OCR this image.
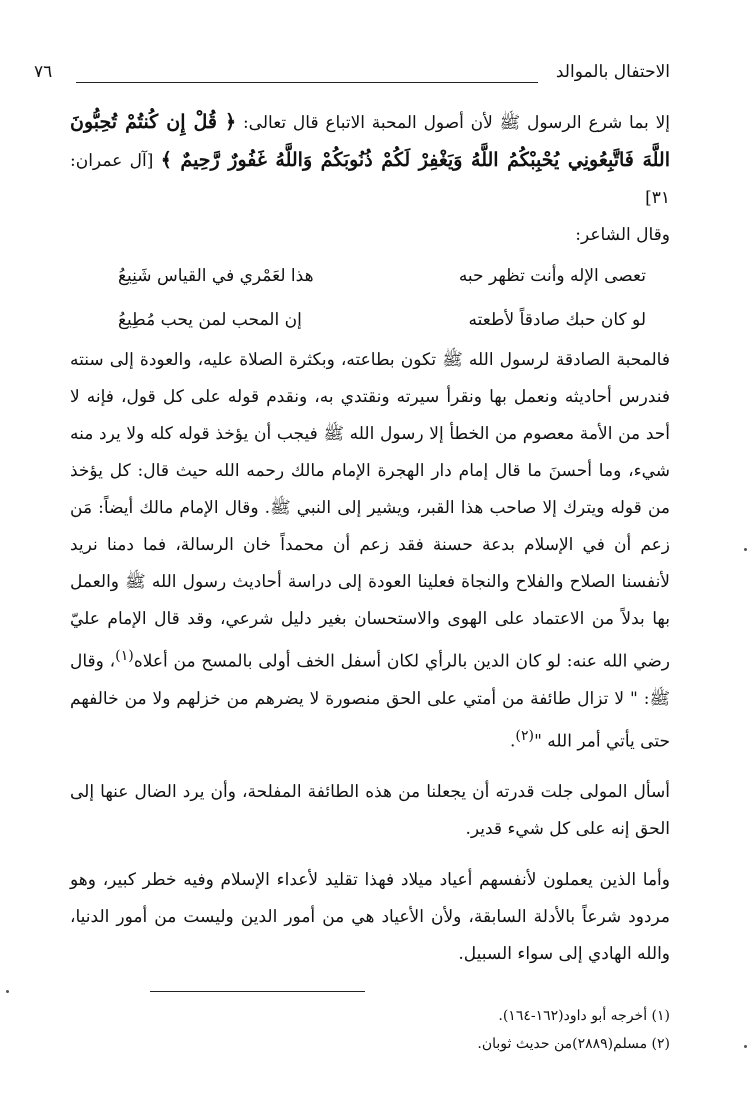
الاحتفال بالموالد
٧٦

إلا بما شرع الرسول ﷺ لأن أصول المحبة الاتباع قال تعالى: ﴿ قُلْ إِن كُنتُمْ تُحِبُّونَ اللَّهَ فَاتَّبِعُونِي يُحْبِبْكُمُ اللَّهُ وَيَغْفِرْ لَكُمْ ذُنُوبَكُمْ وَاللَّهُ غَفُورٌ رَّحِيمٌ ﴾ [آل عمران: ٣١]

وقال الشاعر:

تعصى الإله وأنت تظهر حبه
هذا لعَمْري في القياس شَنِيعُ
لو كان حبك صادقاً لأطعته
إن المحب لمن يحب مُطِيعُ

فالمحبة الصادقة لرسول الله ﷺ تكون بطاعته، وبكثرة الصلاة عليه، والعودة إلى سنته فندرس أحاديثه ونعمل بها ونقرأ سيرته ونقتدي به، ونقدم قوله على كل قول، فإنه لا أحد من الأمة معصوم من الخطأ إلا رسول الله ﷺ فيجب أن يؤخذ قوله كله ولا يرد منه شيء، وما أحسنَ ما قال إمام دار الهجرة الإمام مالك رحمه الله حيث قال: كل يؤخذ من قوله ويترك إلا صاحب هذا القبر، ويشير إلى النبي ﷺ. وقال الإمام مالك أيضاً: مَن زعم أن في الإسلام بدعة حسنة فقد زعم أن محمداً خان الرسالة، فما دمنا نريد لأنفسنا الصلاح والفلاح والنجاة فعلينا العودة إلى دراسة أحاديث رسول الله ﷺ والعمل بها بدلاً من الاعتماد على الهوى والاستحسان بغير دليل شرعي، وقد قال الإمام عليّ رضي الله عنه: لو كان الدين بالرأي لكان أسفل الخف أولى بالمسح من أعلاه$^{(١)}$، وقال ﷺ: " لا تزال طائفة من أمتي على الحق منصورة لا يضرهم من خزلهم ولا من خالفهم حتى يأتي أمر الله "$^{(٢)}$.

أسأل المولى جلت قدرته أن يجعلنا من هذه الطائفة المفلحة، وأن يرد الضال عنها إلى الحق إنه على كل شيء قدير.

وأما الذين يعملون لأنفسهم أعياد ميلاد فهذا تقليد لأعداء الإسلام وفيه خطر كبير، وهو مردود شرعاً بالأدلة السابقة، ولأن الأعياد هي من أمور الدين وليست من أمور الدنيا، والله الهادي إلى سواء السبيل.

(١) أخرجه أبو داود(١٦٢-١٦٤).
(٢) مسلم(٢٨٨٩)من حديث ثوبان.
